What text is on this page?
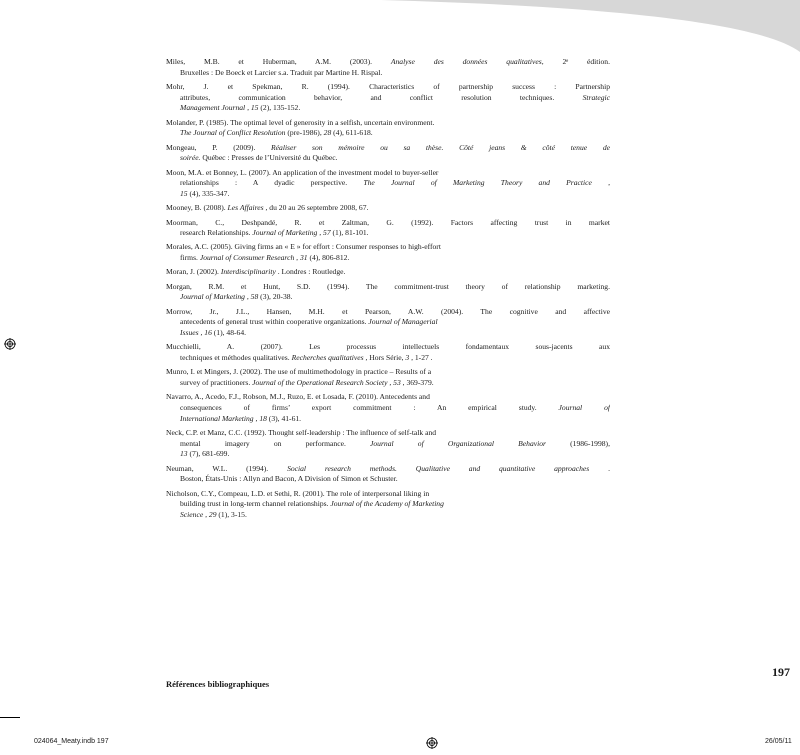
Miles, M.B. et Huberman, A.M. (2003). Analyse des données qualitatives, 2ᵉ édition.
Bruxelles : De Boeck et Larcier s.a. Traduit par Martine H. Rispal.
Mohr, J. et Spekman, R. (1994). Characteristics of partnership success : Partnership
attributes, communication behavior, and conflict resolution techniques. Strategic
Management Journal , 15 (2), 135-152.
Molander, P. (1985). The optimal level of generosity in a selfish, uncertain environment.
The Journal of Conflict Resolution (pre-1986), 28 (4), 611-618.
Mongeau, P. (2009). Réaliser son mémoire ou sa thèse. Côté jeans & côté tenue de
soirée. Québec : Presses de l’Université du Québec.
Moon, M.A. et Bonney, L. (2007). An application of the investment model to buyer-seller
relationships : A dyadic perspective. The Journal of Marketing Theory and Practice ,
15 (4), 335-347.
Mooney, B. (2008). Les Affaires , du 20 au 26 septembre 2008, 67.
Moorman, C., Deshpandé, R. et Zaltman, G. (1992). Factors affecting trust in market
research Relationships. Journal of Marketing , 57 (1), 81-101.
Morales, A.C. (2005). Giving firms an « E » for effort : Consumer responses to high-effort
firms. Journal of Consumer Research , 31 (4), 806-812.
Moran, J. (2002). Interdisciplinarity . Londres : Routledge.
Morgan, R.M. et Hunt, S.D. (1994). The commitment-trust theory of relationship marketing.
Journal of Marketing , 58 (3), 20-38.
Morrow, Jr., J.L., Hansen, M.H. et Pearson, A.W. (2004). The cognitive and affective
antecedents of general trust within cooperative organizations. Journal of Managerial
Issues , 16 (1), 48-64.
Mucchielli, A. (2007). Les processus intellectuels fondamentaux sous-jacents aux
techniques et méthodes qualitatives. Recherches qualitatives , Hors Série, 3 , 1-27 .
Munro, I. et Mingers, J. (2002). The use of multimethodology in practice – Results of a
survey of practitioners. Journal of the Operational Research Society , 53 , 369-379.
Navarro, A., Acedo, F.J., Robson, M.J., Ruzo, E. et Losada, F. (2010). Antecedents and
consequences of firms’ export commitment : An empirical study. Journal of
International Marketing , 18 (3), 41-61.
Neck, C.P. et Manz, C.C. (1992). Thought self-leadership : The influence of self-talk and
mental imagery on performance. Journal of Organizational Behavior (1986-1998),
13 (7), 681-699.
Neuman, W.L. (1994). Social research methods. Qualitative and quantitative approaches .
Boston, États-Unis : Allyn and Bacon, A Division of Simon et Schuster.
Nicholson, C.Y., Compeau, L.D. et Sethi, R. (2001). The role of interpersonal liking in
building trust in long-term channel relationships. Journal of the Academy of Marketing
Science , 29 (1), 3-15.
197
Références bibliographiques
024064_Meaty.indb 197	26/05/11
